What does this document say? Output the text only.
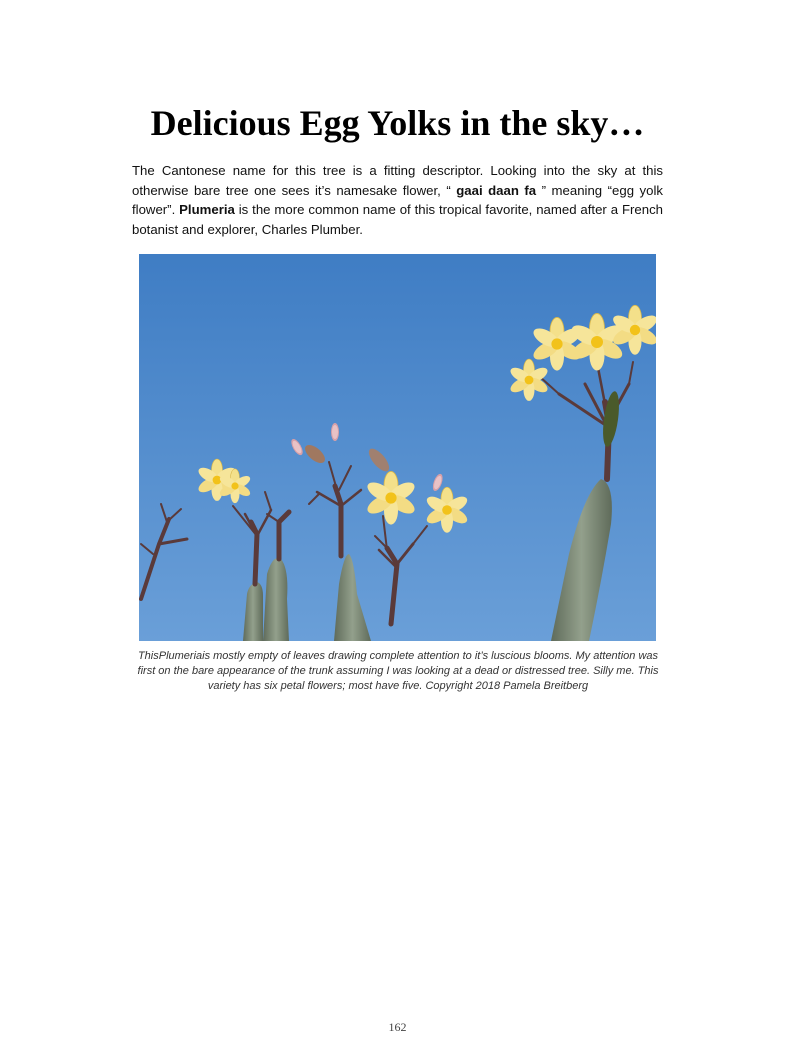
Delicious Egg Yolks in the sky…

The Cantonese name for this tree is a fitting descriptor. Looking into the sky at this otherwise bare tree one sees it’s namesake flower, “ gaai daan fa ” meaning “egg yolk flower”. Plumeria is the more common name of this tropical favorite, named after a French botanist and explorer, Charles Plumber.

ThisPlumeriais mostly empty of leaves drawing complete attention to it’s luscious blooms. My attention was first on the bare appearance of the trunk assuming I was looking at a dead or distressed tree. Silly me. This variety has six petal flowers; most have five. Copyright 2018 Pamela Breitberg

162
